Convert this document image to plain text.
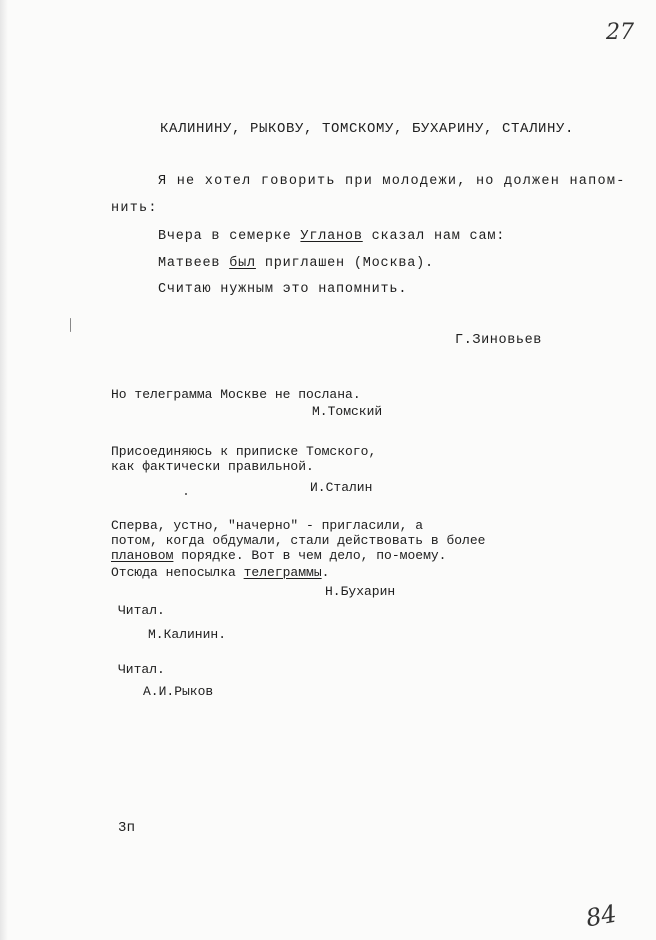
27
КАЛИНИНУ, РЫКОВУ, ТОМСКОМУ, БУХАРИНУ, СТАЛИНУ.
Я не хотел говорить при молодежи, но должен напом-
нить:
Вчера в семерке Угланов сказал нам сам:
Матвеев был приглашен (Москва).
Считаю нужным это напомнить.
Г.Зиновьев
Но телеграмма Москве не послана.
М.Томский
Присоединяюсь к приписке Томского,
как фактически правильной.
И.Сталин
Сперва, устно, "начерно" - пригласили, а
потом, когда обдумали, стали действовать в более
плановом порядке. Вот в чем дело, по-моему.
Отсюда непосылка телеграммы.
Н.Бухарин
Читал.
М.Калинин.
Читал.
А.И.Рыков
3п
84
